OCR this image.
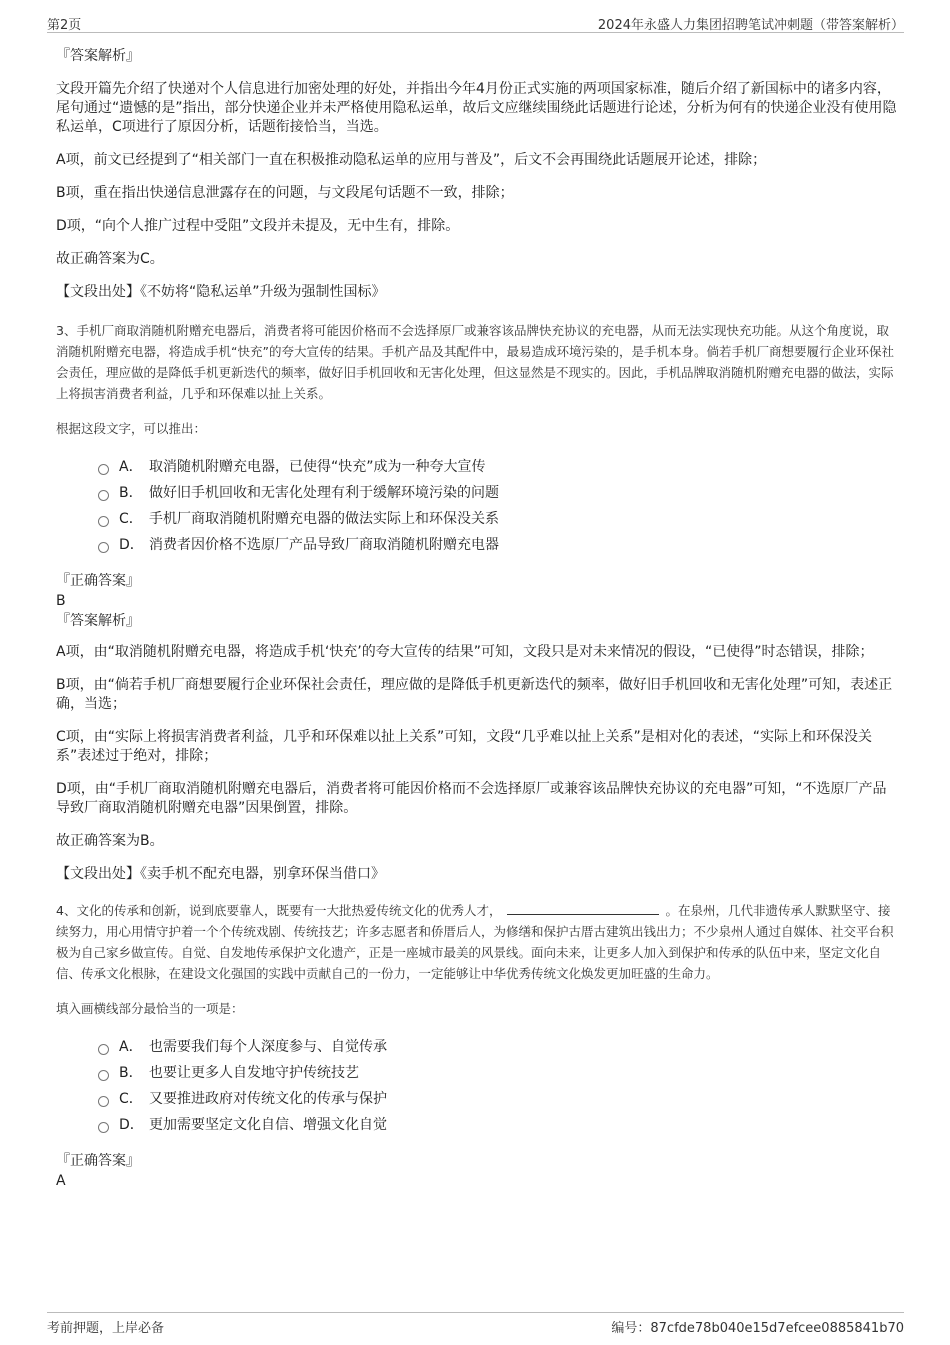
第2页	2024年永盛人力集团招聘笔试冲刺题（带答案解析）
『答案解析』

文段开篇先介绍了快递对个人信息进行加密处理的好处，并指出今年4月份正式实施的两项国家标准，随后介绍了新国标中的诸多内容，尾句通过“遗憾的是”指出，部分快递企业并未严格使用隐私运单，故后文应继续围绕此话题进行论述，分析为何有的快递企业没有使用隐私运单，C项进行了原因分析，话题衔接恰当，当选。

A项，前文已经提到了“相关部门一直在积极推动隐私运单的应用与普及”，后文不会再围绕此话题展开论述，排除；

B项，重在指出快递信息泄露存在的问题，与文段尾句话题不一致，排除；

D项，“向个人推广过程中受阻”文段并未提及，无中生有，排除。

故正确答案为C。

【文段出处】《不妨将“隐私运单”升级为强制性国标》

3、手机厂商取消随机附赠充电器后，消费者将可能因价格而不会选择原厂或兼容该品牌快充协议的充电器，从而无法实现快充功能。从这个角度说，取消随机附赠充电器，将造成手机“快充”的夸大宣传的结果。手机产品及其配件中，最易造成环境污染的，是手机本身。倘若手机厂商想要履行企业环保社会责任，理应做的是降低手机更新迭代的频率，做好旧手机回收和无害化处理，但这显然是不现实的。因此，手机品牌取消随机附赠充电器的做法，实际上将损害消费者利益，几乎和环保难以扯上关系。

根据这段文字，可以推出：

A． 取消随机附赠充电器，已使得“快充”成为一种夸大宣传
B． 做好旧手机回收和无害化处理有利于缓解环境污染的问题
C． 手机厂商取消随机附赠充电器的做法实际上和环保没关系
D． 消费者因价格不选原厂产品导致厂商取消随机附赠充电器
『正确答案』
B
『答案解析』

A项，由“取消随机附赠充电器，将造成手机‘快充’的夸大宣传的结果”可知，文段只是对未来情况的假设，“已使得”时态错误，排除；

B项，由“倘若手机厂商想要履行企业环保社会责任，理应做的是降低手机更新迭代的频率，做好旧手机回收和无害化处理”可知，表述正确，当选；

C项，由“实际上将损害消费者利益，几乎和环保难以扯上关系”可知，文段“几乎难以扯上关系”是相对化的表述，“实际上和环保没关系”表述过于绝对，排除；

D项，由“手机厂商取消随机附赠充电器后，消费者将可能因价格而不会选择原厂或兼容该品牌快充协议的充电器”可知，“不选原厂产品导致厂商取消随机附赠充电器”因果倒置，排除。

故正确答案为B。

【文段出处】《卖手机不配充电器，别拿环保当借口》

4、文化的传承和创新，说到底要靠人，既要有一大批热爱传统文化的优秀人才，	。在泉州，几代非遗传承人默默坚守、接续努力，用心用情守护着一个个传统戏剧、传统技艺；许多志愿者和侨厝后人，为修缮和保护古厝古建筑出钱出力；不少泉州人通过自媒体、社交平台积极为自己家乡做宣传。自觉、自发地传承保护文化遗产，正是一座城市最美的风景线。面向未来，让更多人加入到保护和传承的队伍中来，坚定文化自信、传承文化根脉，在建设文化强国的实践中贡献自己的一份力，一定能够让中华优秀传统文化焕发更加旺盛的生命力。

填入画横线部分最恰当的一项是：

A． 也需要我们每个人深度参与、自觉传承
B． 也要让更多人自发地守护传统技艺
C． 又要推进政府对传统文化的传承与保护
D． 更加需要坚定文化自信、增强文化自觉
『正确答案』
A
考前押题，上岸必备	编号：87cfde78b040e15d7efcee0885841b70
